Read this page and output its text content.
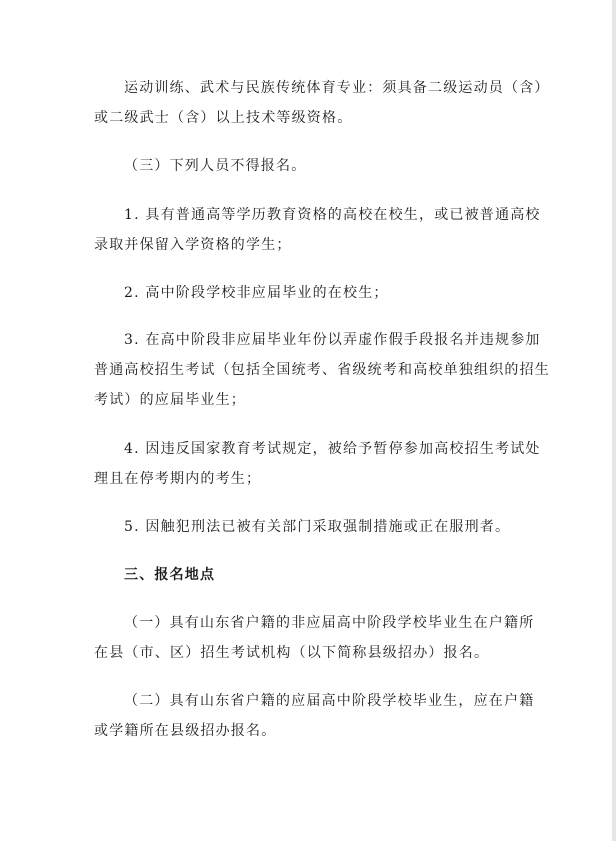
运动训练、武术与民族传统体育专业：须具备二级运动员（含）
或二级武士（含）以上技术等级资格。

（三）下列人员不得报名。

1. 具有普通高等学历教育资格的高校在校生，或已被普通高校
录取并保留入学资格的学生；

2. 高中阶段学校非应届毕业的在校生；

3. 在高中阶段非应届毕业年份以弄虚作假手段报名并违规参加
普通高校招生考试（包括全国统考、省级统考和高校单独组织的招生
考试）的应届毕业生；

4. 因违反国家教育考试规定，被给予暂停参加高校招生考试处
理且在停考期内的考生；

5. 因触犯刑法已被有关部门采取强制措施或正在服刑者。

三、报名地点

（一）具有山东省户籍的非应届高中阶段学校毕业生在户籍所
在县（市、区）招生考试机构（以下简称县级招办）报名。

（二）具有山东省户籍的应届高中阶段学校毕业生，应在户籍
或学籍所在县级招办报名。
